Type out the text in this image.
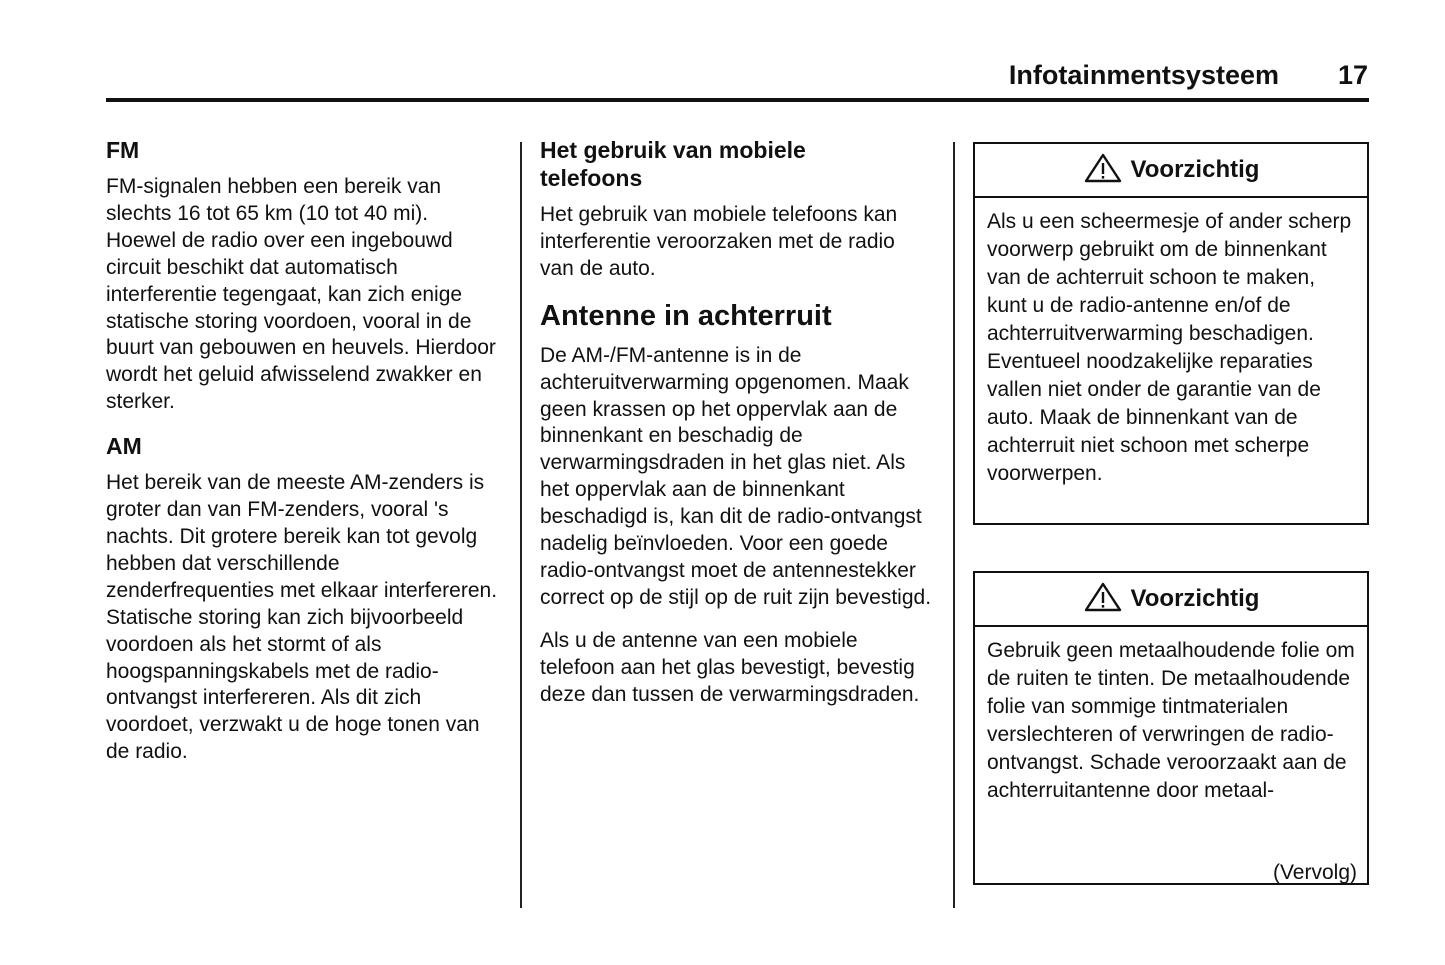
Infotainmentsysteem 17
FM

FM-signalen hebben een bereik van slechts 16 tot 65 km (10 tot 40 mi). Hoewel de radio over een ingebouwd circuit beschikt dat automatisch interferentie tegengaat, kan zich enige statische storing voordoen, vooral in de buurt van gebouwen en heuvels. Hierdoor wordt het geluid afwisselend zwakker en sterker.

AM

Het bereik van de meeste AM-zenders is groter dan van FM-zenders, vooral 's nachts. Dit grotere bereik kan tot gevolg hebben dat verschillende zenderfrequenties met elkaar interfereren. Statische storing kan zich bijvoorbeeld voordoen als het stormt of als hoogspanningskabels met de radio-ontvangst interfereren. Als dit zich voordoet, verzwakt u de hoge tonen van de radio.

Het gebruik van mobiele telefoons

Het gebruik van mobiele telefoons kan interferentie veroorzaken met de radio van de auto.

Antenne in achterruit

De AM-/FM-antenne is in de achteruitverwarming opgenomen. Maak geen krassen op het oppervlak aan de binnenkant en beschadig de verwarmingsdraden in het glas niet. Als het oppervlak aan de binnenkant beschadigd is, kan dit de radio-ontvangst nadelig beïnvloeden. Voor een goede radio-ontvangst moet de antennestekker correct op de stijl op de ruit zijn bevestigd.

Als u de antenne van een mobiele telefoon aan het glas bevestigt, bevestig deze dan tussen de verwarmingsdraden.

Voorzichtig

Als u een scheermesje of ander scherp voorwerp gebruikt om de binnenkant van de achterruit schoon te maken, kunt u de radio-antenne en/of de achterruitverwarming beschadigen. Eventueel noodzakelijke reparaties vallen niet onder de garantie van de auto. Maak de binnenkant van de achterruit niet schoon met scherpe voorwerpen.

Voorzichtig

Gebruik geen metaalhoudende folie om de ruiten te tinten. De metaalhoudende folie van sommige tintmaterialen verslechteren of verwringen de radio-ontvangst. Schade veroorzaakt aan de achterruitantenne door metaal-

(Vervolg)
